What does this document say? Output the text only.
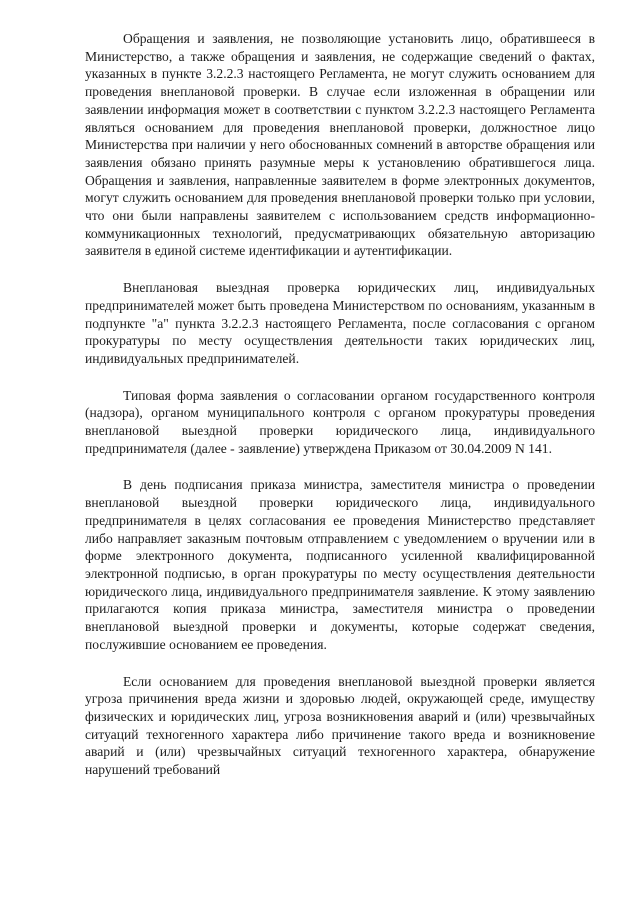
Обращения и заявления, не позволяющие установить лицо, обратившееся в Министерство, а также обращения и заявления, не содержащие сведений о фактах, указанных в пункте 3.2.2.3 настоящего Регламента, не могут служить основанием для проведения внеплановой проверки. В случае если изложенная в обращении или заявлении информация может в соответствии с пунктом 3.2.2.3 настоящего Регламента являться основанием для проведения внеплановой проверки, должностное лицо Министерства при наличии у него обоснованных сомнений в авторстве обращения или заявления обязано принять разумные меры к установлению обратившегося лица. Обращения и заявления, направленные заявителем в форме электронных документов, могут служить основанием для проведения внеплановой проверки только при условии, что они были направлены заявителем с использованием средств информационно-коммуникационных технологий, предусматривающих обязательную авторизацию заявителя в единой системе идентификации и аутентификации.

Внеплановая выездная проверка юридических лиц, индивидуальных предпринимателей может быть проведена Министерством по основаниям, указанным в подпункте "а" пункта 3.2.2.3 настоящего Регламента, после согласования с органом прокуратуры по месту осуществления деятельности таких юридических лиц, индивидуальных предпринимателей.

Типовая форма заявления о согласовании органом государственного контроля (надзора), органом муниципального контроля с органом прокуратуры проведения внеплановой выездной проверки юридического лица, индивидуального предпринимателя (далее - заявление) утверждена Приказом от 30.04.2009 N 141.

В день подписания приказа министра, заместителя министра о проведении внеплановой выездной проверки юридического лица, индивидуального предпринимателя в целях согласования ее проведения Министерство представляет либо направляет заказным почтовым отправлением с уведомлением о вручении или в форме электронного документа, подписанного усиленной квалифицированной электронной подписью, в орган прокуратуры по месту осуществления деятельности юридического лица, индивидуального предпринимателя заявление. К этому заявлению прилагаются копия приказа министра, заместителя министра о проведении внеплановой выездной проверки и документы, которые содержат сведения, послужившие основанием ее проведения.

Если основанием для проведения внеплановой выездной проверки является угроза причинения вреда жизни и здоровью людей, окружающей среде, имуществу физических и юридических лиц, угроза возникновения аварий и (или) чрезвычайных ситуаций техногенного характера либо причинение такого вреда и возникновение аварий и (или) чрезвычайных ситуаций техногенного характера, обнаружение нарушений требований
